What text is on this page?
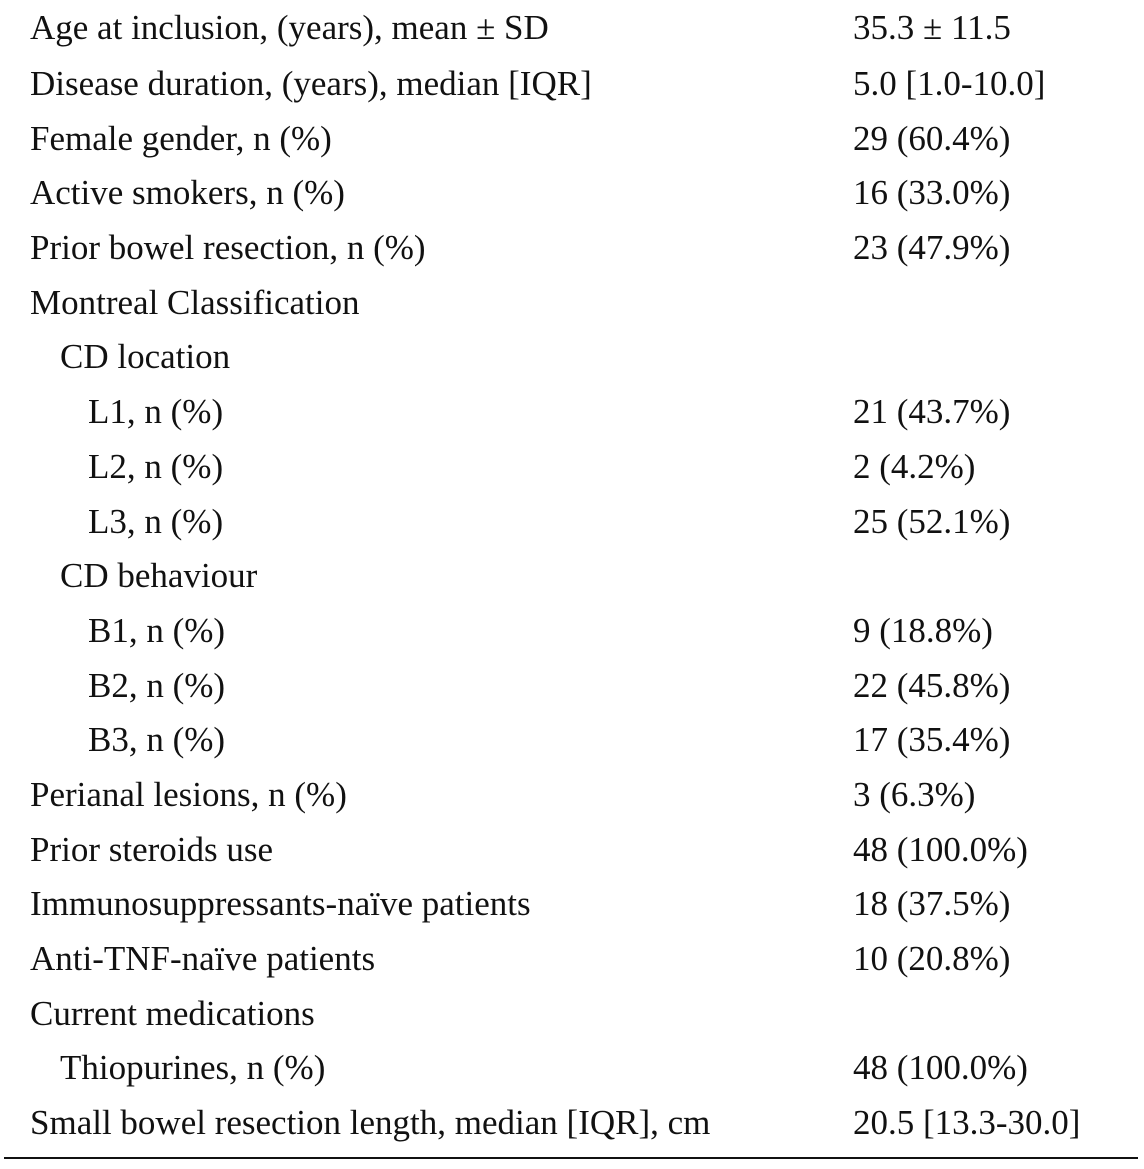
Age at inclusion, (years), mean ± SD	35.3 ± 11.5
Disease duration, (years), median [IQR]	5.0 [1.0-10.0]
Female gender, n (%)	29 (60.4%)
Active smokers, n (%)	16 (33.0%)
Prior bowel resection, n (%)	23 (47.9%)
Montreal Classification
CD location
L1, n (%)	21 (43.7%)
L2, n (%)	2 (4.2%)
L3, n (%)	25 (52.1%)
CD behaviour
B1, n (%)	9 (18.8%)
B2, n (%)	22 (45.8%)
B3, n (%)	17 (35.4%)
Perianal lesions, n (%)	3 (6.3%)
Prior steroids use	48 (100.0%)
Immunosuppressants-naïve patients	18 (37.5%)
Anti-TNF-naïve patients	10 (20.8%)
Current medications
Thiopurines, n (%)	48 (100.0%)
Small bowel resection length, median [IQR], cm	20.5 [13.3-30.0]
